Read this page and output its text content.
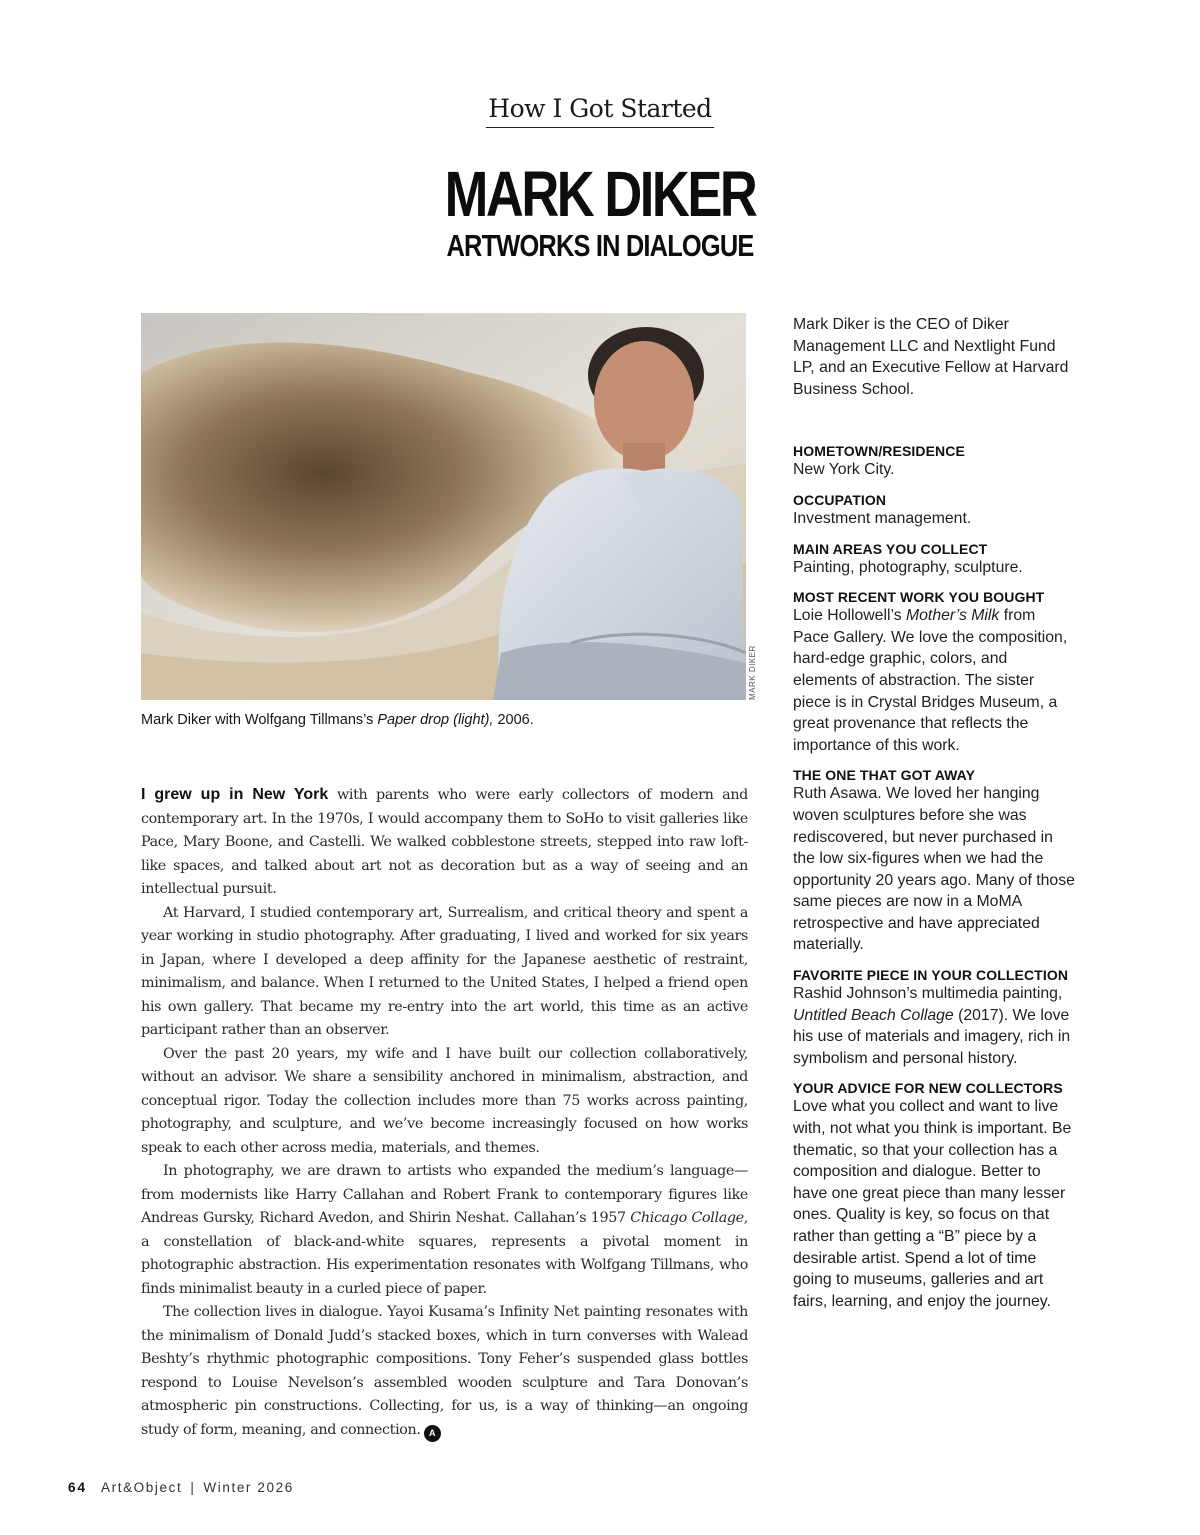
How I Got Started
MARK DIKER
ARTWORKS IN DIALOGUE
MARK DIKER
Mark Diker with Wolfgang Tillmans’s Paper drop (light), 2006.

I grew up in New York with parents who were early collectors of modern and contemporary art. In the 1970s, I would accompany them to SoHo to visit galleries like Pace, Mary Boone, and Castelli. We walked cobblestone streets, stepped into raw loft-like spaces, and talked about art not as decoration but as a way of seeing and an intellectual pursuit.

At Harvard, I studied contemporary art, Surrealism, and critical theory and spent a year working in studio photography. After graduating, I lived and worked for six years in Japan, where I developed a deep affinity for the Japanese aesthetic of restraint, minimalism, and balance. When I returned to the United States, I helped a friend open his own gallery. That became my re-entry into the art world, this time as an active participant rather than an observer.

Over the past 20 years, my wife and I have built our collection collaboratively, without an advisor. We share a sensibility anchored in minimalism, abstraction, and conceptual rigor. Today the collection includes more than 75 works across painting, photography, and sculpture, and we’ve become increasingly focused on how works speak to each other across media, materials, and themes.

In photography, we are drawn to artists who expanded the medium’s language—from modernists like Harry Callahan and Robert Frank to contemporary figures like Andreas Gursky, Richard Avedon, and Shirin Neshat. Callahan’s 1957 Chicago Collage, a constellation of black-and-white squares, represents a pivotal moment in photographic abstraction. His experimentation resonates with Wolfgang Tillmans, who finds minimalist beauty in a curled piece of paper.

The collection lives in dialogue. Yayoi Kusama’s Infinity Net painting resonates with the minimalism of Donald Judd’s stacked boxes, which in turn converses with Walead Beshty’s rhythmic photographic compositions. Tony Feher’s suspended glass bottles respond to Louise Nevelson’s assembled wooden sculpture and Tara Donovan’s atmospheric pin constructions. Collecting, for us, is a way of thinking—an ongoing study of form, meaning, and connection. A

Mark Diker is the CEO of Diker Management LLC and Nextlight Fund LP, and an Executive Fellow at Harvard Business School.

HOMETOWN/RESIDENCE

New York City.

OCCUPATION

Investment management.

MAIN AREAS YOU COLLECT

Painting, photography, sculpture.

MOST RECENT WORK YOU BOUGHT

Loie Hollowell’s Mother’s Milk from Pace Gallery. We love the composition, hard-edge graphic, colors, and elements of abstraction. The sister piece is in Crystal Bridges Museum, a great provenance that reflects the importance of this work.

THE ONE THAT GOT AWAY

Ruth Asawa. We loved her hanging woven sculptures before she was rediscovered, but never purchased in the low six-figures when we had the opportunity 20 years ago. Many of those same pieces are now in a MoMA retrospective and have appreciated materially.

FAVORITE PIECE IN YOUR COLLECTION

Rashid Johnson’s multimedia painting, Untitled Beach Collage (2017). We love his use of materials and imagery, rich in symbolism and personal history.

YOUR ADVICE FOR NEW COLLECTORS

Love what you collect and want to live with, not what you think is important. Be thematic, so that your collection has a composition and dialogue. Better to have one great piece than many lesser ones. Quality is key, so focus on that rather than getting a “B” piece by a desirable artist. Spend a lot of time going to museums, galleries and art fairs, learning, and enjoy the journey.

64 Art&Object | Winter 2026
